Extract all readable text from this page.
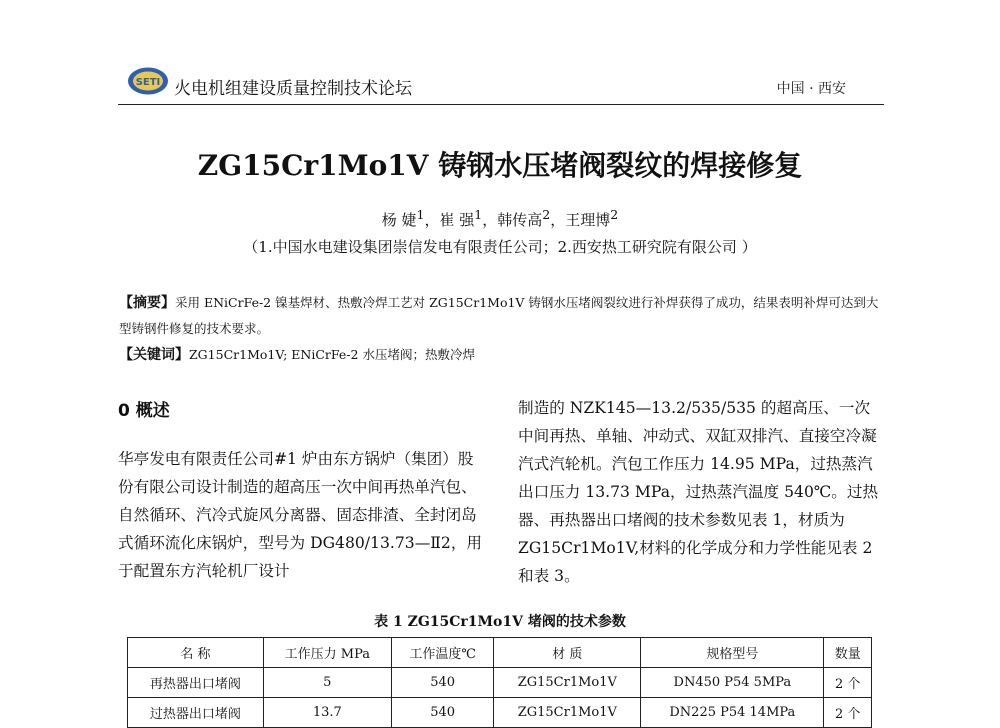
SETI 火电机组建设质量控制技术论坛	中国 · 西安
ZG15Cr1Mo1V 铸钢水压堵阀裂纹的焊接修复
杨 婕$^1$，崔 强$^1$，韩传高$^2$，王理博$^2$
（1.中国水电建设集团崇信发电有限责任公司；2.西安热工研究院有限公司 ）
【摘要】采用 ENiCrFe-2 镍基焊材、热敷冷焊工艺对 ZG15Cr1Mo1V 铸钢水压堵阀裂纹进行补焊获得了成功，结果表明补焊可达到大型铸钢件修复的技术要求。
【关键词】ZG15Cr1Mo1V; ENiCrFe-2 水压堵阀；热敷冷焊
0 概述
华亭发电有限责任公司#1 炉由东方锅炉（集团）股份有限公司设计制造的超高压一次中间再热单汽包、自然循环、汽冷式旋风分离器、固态排渣、全封闭岛式循环流化床锅炉，型号为 DG480/13.73—Ⅱ2，用于配置东方汽轮机厂设计
制造的 NZK145—13.2/535/535 的超高压、一次中间再热、单轴、冲动式、双缸双排汽、直接空冷凝汽式汽轮机。汽包工作压力 14.95 MPa，过热蒸汽出口压力 13.73 MPa，过热蒸汽温度 540℃。过热器、再热器出口堵阀的技术参数见表 1，材质为 ZG15Cr1Mo1V,材料的化学成分和力学性能见表 2 和表 3。
表 1 ZG15Cr1Mo1V 堵阀的技术参数
名 称	工作压力 MPa	工作温度℃	材 质	规格型号	数量
再热器出口堵阀	5	540	ZG15Cr1Mo1V	DN450 P54 5MPa	2 个
过热器出口堵阀	13.7	540	ZG15Cr1Mo1V	DN225 P54 14MPa	2 个
